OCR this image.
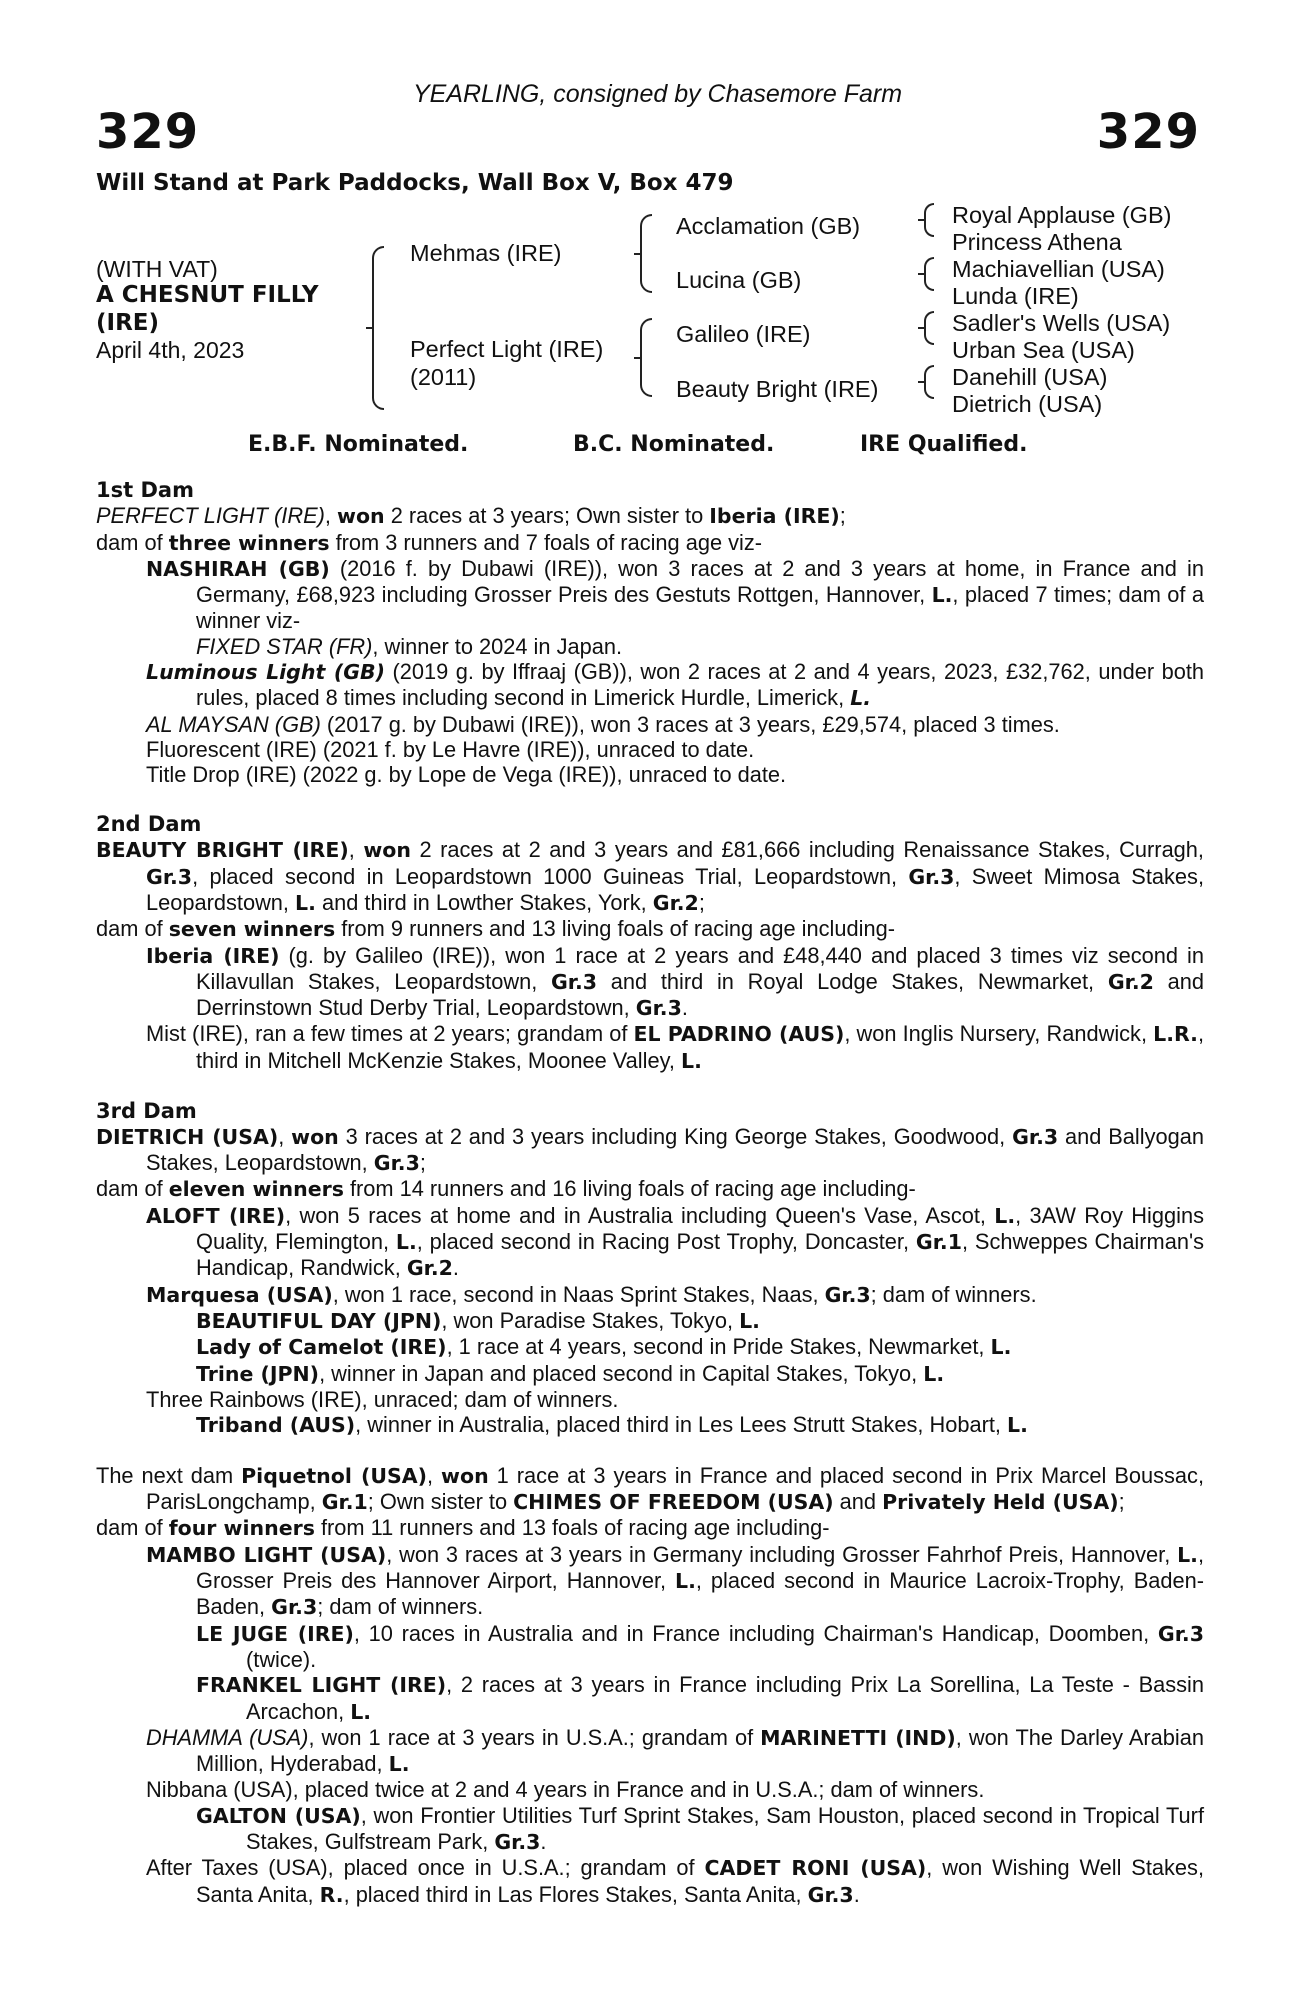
YEARLING, consigned by Chasemore Farm
329	329
Will Stand at Park Paddocks, Wall Box V, Box 479
(WITH VAT)
A CHESNUT FILLY
(IRE)
April 4th, 2023
Mehmas (IRE)
Perfect Light (IRE)
(2011)
Acclamation (GB)
Lucina (GB)
Galileo (IRE)
Beauty Bright (IRE)
Royal Applause (GB)
Princess Athena
Machiavellian (USA)
Lunda (IRE)
Sadler's Wells (USA)
Urban Sea (USA)
Danehill (USA)
Dietrich (USA)
E.B.F. Nominated.	B.C. Nominated.	IRE Qualified.
1st Dam
PERFECT LIGHT (IRE), won 2 races at 3 years; Own sister to Iberia (IRE);
dam of three winners from 3 runners and 7 foals of racing age viz-
NASHIRAH (GB) (2016 f. by Dubawi (IRE)), won 3 races at 2 and 3 years at home, in France and in Germany, £68,923 including Grosser Preis des Gestuts Rottgen, Hannover, L., placed 7 times; dam of a winner viz-
FIXED STAR (FR), winner to 2024 in Japan.
Luminous Light (GB) (2019 g. by Iffraaj (GB)), won 2 races at 2 and 4 years, 2023, £32,762, under both rules, placed 8 times including second in Limerick Hurdle, Limerick, L.
AL MAYSAN (GB) (2017 g. by Dubawi (IRE)), won 3 races at 3 years, £29,574, placed 3 times.
Fluorescent (IRE) (2021 f. by Le Havre (IRE)), unraced to date.
Title Drop (IRE) (2022 g. by Lope de Vega (IRE)), unraced to date.
2nd Dam
BEAUTY BRIGHT (IRE), won 2 races at 2 and 3 years and £81,666 including Renaissance Stakes, Curragh, Gr.3, placed second in Leopardstown 1000 Guineas Trial, Leopardstown, Gr.3, Sweet Mimosa Stakes, Leopardstown, L. and third in Lowther Stakes, York, Gr.2;
dam of seven winners from 9 runners and 13 living foals of racing age including-
Iberia (IRE) (g. by Galileo (IRE)), won 1 race at 2 years and £48,440 and placed 3 times viz second in Killavullan Stakes, Leopardstown, Gr.3 and third in Royal Lodge Stakes, Newmarket, Gr.2 and Derrinstown Stud Derby Trial, Leopardstown, Gr.3.
Mist (IRE), ran a few times at 2 years; grandam of EL PADRINO (AUS), won Inglis Nursery, Randwick, L.R., third in Mitchell McKenzie Stakes, Moonee Valley, L.
3rd Dam
DIETRICH (USA), won 3 races at 2 and 3 years including King George Stakes, Goodwood, Gr.3 and Ballyogan Stakes, Leopardstown, Gr.3;
dam of eleven winners from 14 runners and 16 living foals of racing age including-
ALOFT (IRE), won 5 races at home and in Australia including Queen's Vase, Ascot, L., 3AW Roy Higgins Quality, Flemington, L., placed second in Racing Post Trophy, Doncaster, Gr.1, Schweppes Chairman's Handicap, Randwick, Gr.2.
Marquesa (USA), won 1 race, second in Naas Sprint Stakes, Naas, Gr.3; dam of winners.
BEAUTIFUL DAY (JPN), won Paradise Stakes, Tokyo, L.
Lady of Camelot (IRE), 1 race at 4 years, second in Pride Stakes, Newmarket, L.
Trine (JPN), winner in Japan and placed second in Capital Stakes, Tokyo, L.
Three Rainbows (IRE), unraced; dam of winners.
Triband (AUS), winner in Australia, placed third in Les Lees Strutt Stakes, Hobart, L.
The next dam Piquetnol (USA), won 1 race at 3 years in France and placed second in Prix Marcel Boussac, ParisLongchamp, Gr.1; Own sister to CHIMES OF FREEDOM (USA) and Privately Held (USA);
dam of four winners from 11 runners and 13 foals of racing age including-
MAMBO LIGHT (USA), won 3 races at 3 years in Germany including Grosser Fahrhof Preis, Hannover, L., Grosser Preis des Hannover Airport, Hannover, L., placed second in Maurice Lacroix-Trophy, Baden-Baden, Gr.3; dam of winners.
LE JUGE (IRE), 10 races in Australia and in France including Chairman's Handicap, Doomben, Gr.3 (twice).
FRANKEL LIGHT (IRE), 2 races at 3 years in France including Prix La Sorellina, La Teste - Bassin Arcachon, L.
DHAMMA (USA), won 1 race at 3 years in U.S.A.; grandam of MARINETTI (IND), won The Darley Arabian Million, Hyderabad, L.
Nibbana (USA), placed twice at 2 and 4 years in France and in U.S.A.; dam of winners.
GALTON (USA), won Frontier Utilities Turf Sprint Stakes, Sam Houston, placed second in Tropical Turf Stakes, Gulfstream Park, Gr.3.
After Taxes (USA), placed once in U.S.A.; grandam of CADET RONI (USA), won Wishing Well Stakes, Santa Anita, R., placed third in Las Flores Stakes, Santa Anita, Gr.3.
